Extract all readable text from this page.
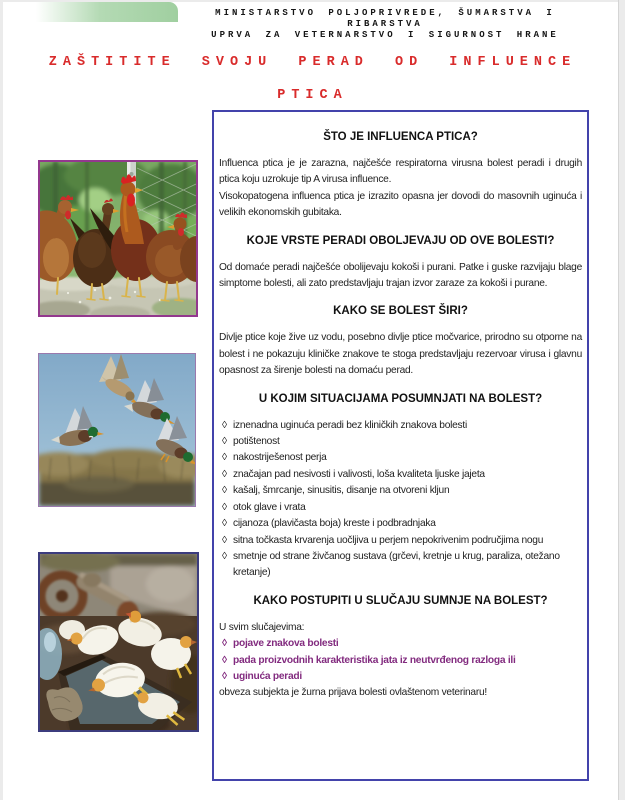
MINISTARSTVO POLJOPRIVREDE, ŠUMARSTVA I
RIBARSTVA
UPRVA ZA VETERNARSTVO I SIGURNOST HRANE
ZAŠTITITE SVOJU PERAD OD INFLUENCE
PTICA
ŠTO JE INFLUENCA PTICA?

Influenca ptica je je zarazna, najčešće respiratorna virusna bolest peradi i drugih ptica koju uzrokuje tip A virusa influence.
Visokopatogena influenca ptica je izrazito opasna jer dovodi do masovnih uginuća i velikih ekonomskih gubitaka.

KOJE VRSTE PERADI OBOLJEVAJU OD OVE BOLESTI?

Od domaće peradi najčešće obolijevaju kokoši i purani. Patke i guske razvijaju blage simptome bolesti, ali zato predstavljaju trajan izvor zaraze za kokoši i purane.

KAKO SE BOLEST ŠIRI?

Divlje ptice koje žive uz vodu, posebno divlje ptice močvarice, prirodno su otporne na bolest i ne pokazuju kliničke znakove te stoga predstavljaju rezervoar virusa i glavnu opasnost za širenje bolesti na domaću perad.

U KOJIM SITUACIJAMA POSUMNJATI NA BOLEST?
◊ iznenadna uginuća peradi bez kliničkih znakova bolesti
◊ potištenost
◊ nakostriješenost perja
◊ značajan pad nesivosti i valivosti, loša kvaliteta ljuske jajeta
◊ kašalj, šmrcanje, sinusitis, disanje na otvoreni kljun
◊ otok glave i vrata
◊ cijanoza (plavičasta boja) kreste i podbradnjaka
◊ sitna točkasta krvarenja uočljiva u perjem nepokrivenim područjima nogu
◊ smetnje od strane živčanog sustava (grčevi, kretnje u krug, paraliza, otežano kretanje)
KAKO POSTUPITI U SLUČAJU SUMNJE NA BOLEST?

U svim slučajevima:

◊ pojave znakova bolesti
◊ pada proizvodnih karakteristika jata iz neutvrđenog razloga ili
◊ uginuća peradi

obveza subjekta je žurna prijava bolesti ovlaštenom veterinaru!
